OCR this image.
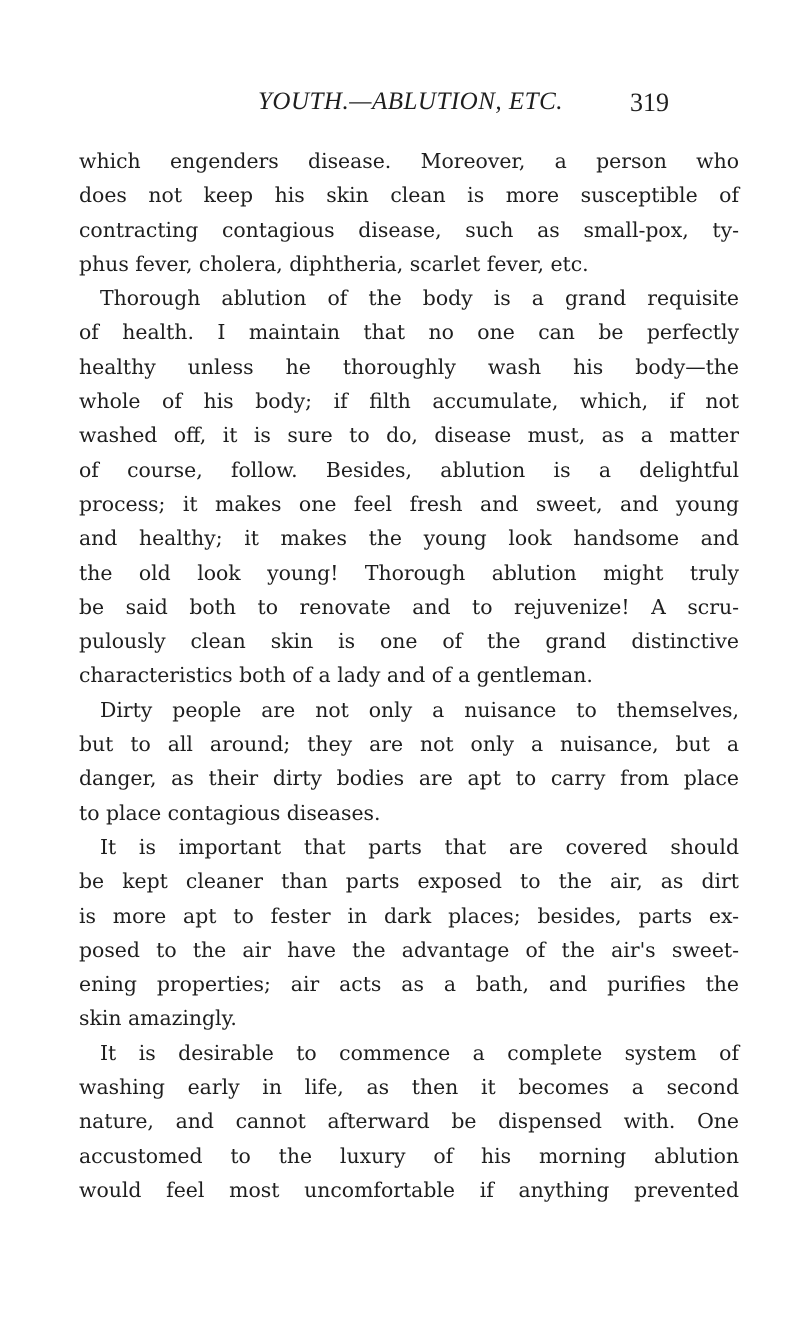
YOUTH.—ABLUTION, ETC.	319
which engenders disease. Moreover, a person who
does not keep his skin clean is more susceptible of
contracting contagious disease, such as small-pox, ty-
phus fever, cholera, diphtheria, scarlet fever, etc.
Thorough ablution of the body is a grand requisite
of health. I maintain that no one can be perfectly
healthy unless he thoroughly wash his body—the
whole of his body; if filth accumulate, which, if not
washed off, it is sure to do, disease must, as a matter
of course, follow. Besides, ablution is a delightful
process; it makes one feel fresh and sweet, and young
and healthy; it makes the young look handsome and
the old look young! Thorough ablution might truly
be said both to renovate and to rejuvenize! A scru-
pulously clean skin is one of the grand distinctive
characteristics both of a lady and of a gentleman.
Dirty people are not only a nuisance to themselves,
but to all around; they are not only a nuisance, but a
danger, as their dirty bodies are apt to carry from place
to place contagious diseases.
It is important that parts that are covered should
be kept cleaner than parts exposed to the air, as dirt
is more apt to fester in dark places; besides, parts ex-
posed to the air have the advantage of the air's sweet-
ening properties; air acts as a bath, and purifies the
skin amazingly.
It is desirable to commence a complete system of
washing early in life, as then it becomes a second
nature, and cannot afterward be dispensed with. One
accustomed to the luxury of his morning ablution
would feel most uncomfortable if anything prevented
